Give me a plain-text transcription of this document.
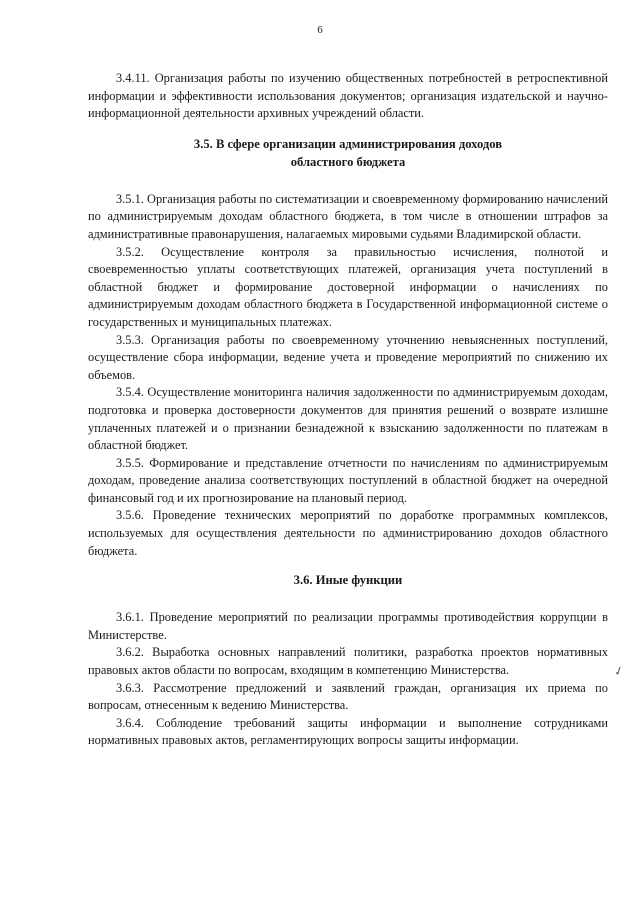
6

3.4.11. Организация работы по изучению общественных потребностей в ретроспективной информации и эффективности использования документов; организация издательской и научно-информационной деятельности архивных учреждений области.

3.5. В сфере организации администрирования доходов
областного бюджета

3.5.1. Организация работы по систематизации и своевременному формированию начислений по администрируемым доходам областного бюджета, в том числе в отношении штрафов за административные правонарушения, налагаемых мировыми судьями Владимирской области.

3.5.2. Осуществление контроля за правильностью исчисления, полнотой и своевременностью уплаты соответствующих платежей, организация учета поступлений в областной бюджет и формирование достоверной информации о начислениях по администрируемым доходам областного бюджета в Государственной информационной системе о государственных и муниципальных платежах.

3.5.3. Организация работы по своевременному уточнению невыясненных поступлений, осуществление сбора информации, ведение учета и проведение мероприятий по снижению их объемов.

3.5.4. Осуществление мониторинга наличия задолженности по администрируемым доходам, подготовка и проверка достоверности документов для принятия решений о возврате излишне уплаченных платежей и о признании безнадежной к взысканию задолженности по платежам в областной бюджет.

3.5.5. Формирование и представление отчетности по начислениям по администрируемым доходам, проведение анализа соответствующих поступлений в областной бюджет на очередной финансовый год и их прогнозирование на плановый период.

3.5.6. Проведение технических мероприятий по доработке программных комплексов, используемых для осуществления деятельности по администрированию доходов областного бюджета.

3.6. Иные функции

3.6.1. Проведение мероприятий по реализации программы противодействия коррупции в Министерстве.

3.6.2. Выработка основных направлений политики, разработка проектов нормативных правовых актов области по вопросам, входящим в компетенцию Министерства.

3.6.3. Рассмотрение предложений и заявлений граждан, организация их приема по вопросам, отнесенным к ведению Министерства.

3.6.4. Соблюдение требований защиты информации и выполнение сотрудниками нормативных правовых актов, регламентирующих вопросы защиты информации.

✓
